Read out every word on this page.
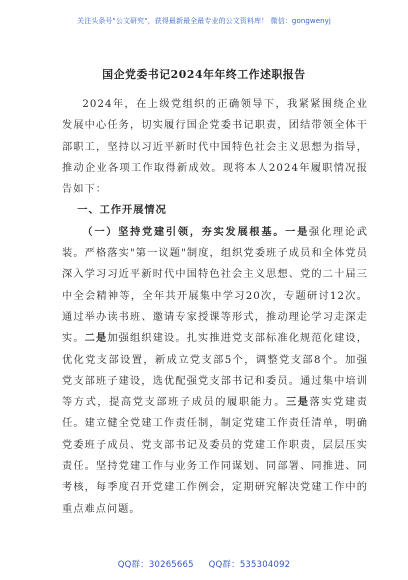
关注头条号"公文研究"，获得最新最全最专业的公文资料库！ 微信：gongwenyj
国企党委书记2024年年终工作述职报告

2024年，在上级党组织的正确领导下，我紧紧围绕企业发展中心任务，切实履行国企党委书记职责，团结带领全体干部职工，坚持以习近平新时代中国特色社会主义思想为指导，推动企业各项工作取得新成效。现将本人2024年履职情况报告如下：

一、工作开展情况

（一）坚持党建引领，夯实发展根基。一是强化理论武装。严格落实"第一议题"制度，组织党委班子成员和全体党员深入学习习近平新时代中国特色社会主义思想、党的二十届三中全会精神等，全年共开展集中学习20次，专题研讨12次。通过举办读书班、邀请专家授课等形式，推动理论学习走深走实。二是加强组织建设。扎实推进党支部标准化规范化建设，优化党支部设置，新成立党支部5个，调整党支部8个。加强党支部班子建设，选优配强党支部书记和委员。通过集中培训等方式，提高党支部班子成员的履职能力。三是落实党建责任。建立健全党建工作责任制，制定党建工作责任清单，明确党委班子成员、党支部书记及委员的党建工作职责，层层压实责任。坚持党建工作与业务工作同谋划、同部署、同推进、同考核，每季度召开党建工作例会，定期研究解决党建工作中的重点难点问题。

QQ群：30265665 QQ群：535304092
